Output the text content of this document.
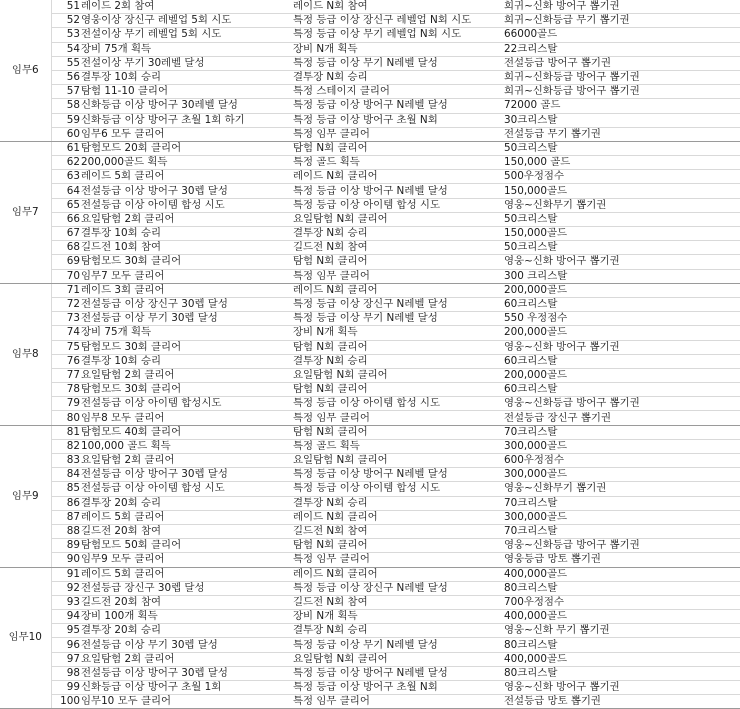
임무6	51	레이드 2회 참여	레이드 N회 참여	희귀~신화 방어구 뽑기권
	52	영웅이상 장신구 레벨업 5회 시도	특정 등급 이상 장신구 레벨업 N회 시도	희귀~신화등급 무기 뽑기권
	53	전설이상 무기 레벨업 5회 시도	특정 등급 이상 무기 레벨업 N회 시도	66000골드
	54	장비 75개 획득	장비 N개 획득	22크리스탈
	55	전설이상 무기 30레벨 달성	특정 등급 이상 무기 N레벨 달성	전설등급 방어구 뽑기권
	56	결투장 10회 승리	결투장 N회 승리	희귀~신화등급 방어구 뽑기권
	57	탐험 11-10 클리어	특정 스테이지 클리어	희귀~신화등급 방어구 뽑기권
	58	신화등급 이상 방어구 30레벨 달성	특정 등급 이상 방어구 N레벨 달성	72000 골드
	59	신화등급 이상 방어구 초월 1회 하기	특정 등급 이상 방어구 초월 N회	30크리스탈
	60	임무6 모두 클리어	특정 임무 클리어	전설등급 무기 뽑기권
임무7	61	탐험모드 20회 클리어	탐험 N회 클리어	50크리스탈
	62	200,000골드 획득	특정 골드 획득	150,000 골드
	63	레이드 5회 클리어	레이드 N회 클리어	500우정점수
	64	전설등급 이상 방어구 30렙 달성	특정 등급 이상 방어구 N레벨 달성	150,000골드
	65	전설등급 이상 아이템 합성 시도	특정 등급 이상 아이템 합성 시도	영웅~신화무기 뽑기권
	66	요일탐험 2회 클리어	요일탐험 N회 클리어	50크리스탈
	67	결투장 10회 승리	결투장 N회 승리	150,000골드
	68	길드전 10회 참여	길드전 N회 참여	50크리스탈
	69	탐험모드 30회 클리어	탐험 N회 클리어	영웅~신화 방어구 뽑기권
	70	임무7 모두 클리어	특정 임무 클리어	300 크리스탈
임무8	71	레이드 3회 클리어	레이드 N회 클리어	200,000골드
	72	전설등급 이상 장신구 30렙 달성	특정 등급 이상 장신구 N레벨 달성	60크리스탈
	73	전설등급 이상 무기 30렙 달성	특정 등급 이상 무기 N레벨 달성	550 우정점수
	74	장비 75개 획득	장비 N개 획득	200,000골드
	75	탐험모드 30회 클리어	탐험 N회 클리어	영웅~신화 방어구 뽑기권
	76	결투장 10회 승리	결투장 N회 승리	60크리스탈
	77	요일탐험 2회 클리어	요일탐험 N회 클리어	200,000골드
	78	탐험모드 30회 클리어	탐험 N회 클리어	60크리스탈
	79	전설등급 이상 아이템 합성시도	특정 등급 이상 아이템 합성 시도	영웅~신화등급 방어구 뽑기권
	80	임무8 모두 클리어	특정 임무 클리어	전설등급 장신구 뽑기권
임무9	81	탐험모드 40회 클리어	탐험 N회 클리어	70크리스탈
	82	100,000 골드 획득	특정 골드 획득	300,000골드
	83	요일탐험 2회 클리어	요일탐험 N회 클리어	600우정점수
	84	전설등급 이상 방어구 30렙 달성	특정 등급 이상 방어구 N레벨 달성	300,000골드
	85	전설등급 이상 아이템 합성 시도	특정 등급 이상 아이템 합성 시도	영웅~신화무기 뽑기권
	86	결투장 20회 승리	결투장 N회 승리	70크리스탈
	87	레이드 5회 클리어	레이드 N회 클리어	300,000골드
	88	길드전 20회 참여	길드전 N회 참여	70크리스탈
	89	탐험모드 50회 클리어	탐험 N회 클리어	영웅~신화등급 방어구 뽑기권
	90	임무9 모두 클리어	특정 임무 클리어	영웅등급 망토 뽑기권
임무10	91	레이드 5회 클리어	레이드 N회 클리어	400,000골드
	92	전설등급 장신구 30렙 달성	특정 등급 이상 장신구 N레벨 달성	80크리스탈
	93	길드전 20회 참여	길드전 N회 참여	700우정점수
	94	장비 100개 획득	장비 N개 획득	400,000골드
	95	결투장 20회 승리	결투장 N회 승리	영웅~신화 무기 뽑기권
	96	전설등급 이상 무기 30렙 달성	특정 등급 이상 무기 N레벨 달성	80크리스탈
	97	요일탐험 2회 클리어	요일탐험 N회 클리어	400,000골드
	98	전설등급 이상 방어구 30렙 달성	특정 등급 이상 방어구 N레벨 달성	80크리스탈
	99	신화등급 이상 방어구 초월 1회	특정 등급 이상 방어구 초월 N회	영웅~신화 방어구 뽑기권
	100	임무10 모두 클리어	특정 임무 클리어	전설등급 망토 뽑기권
